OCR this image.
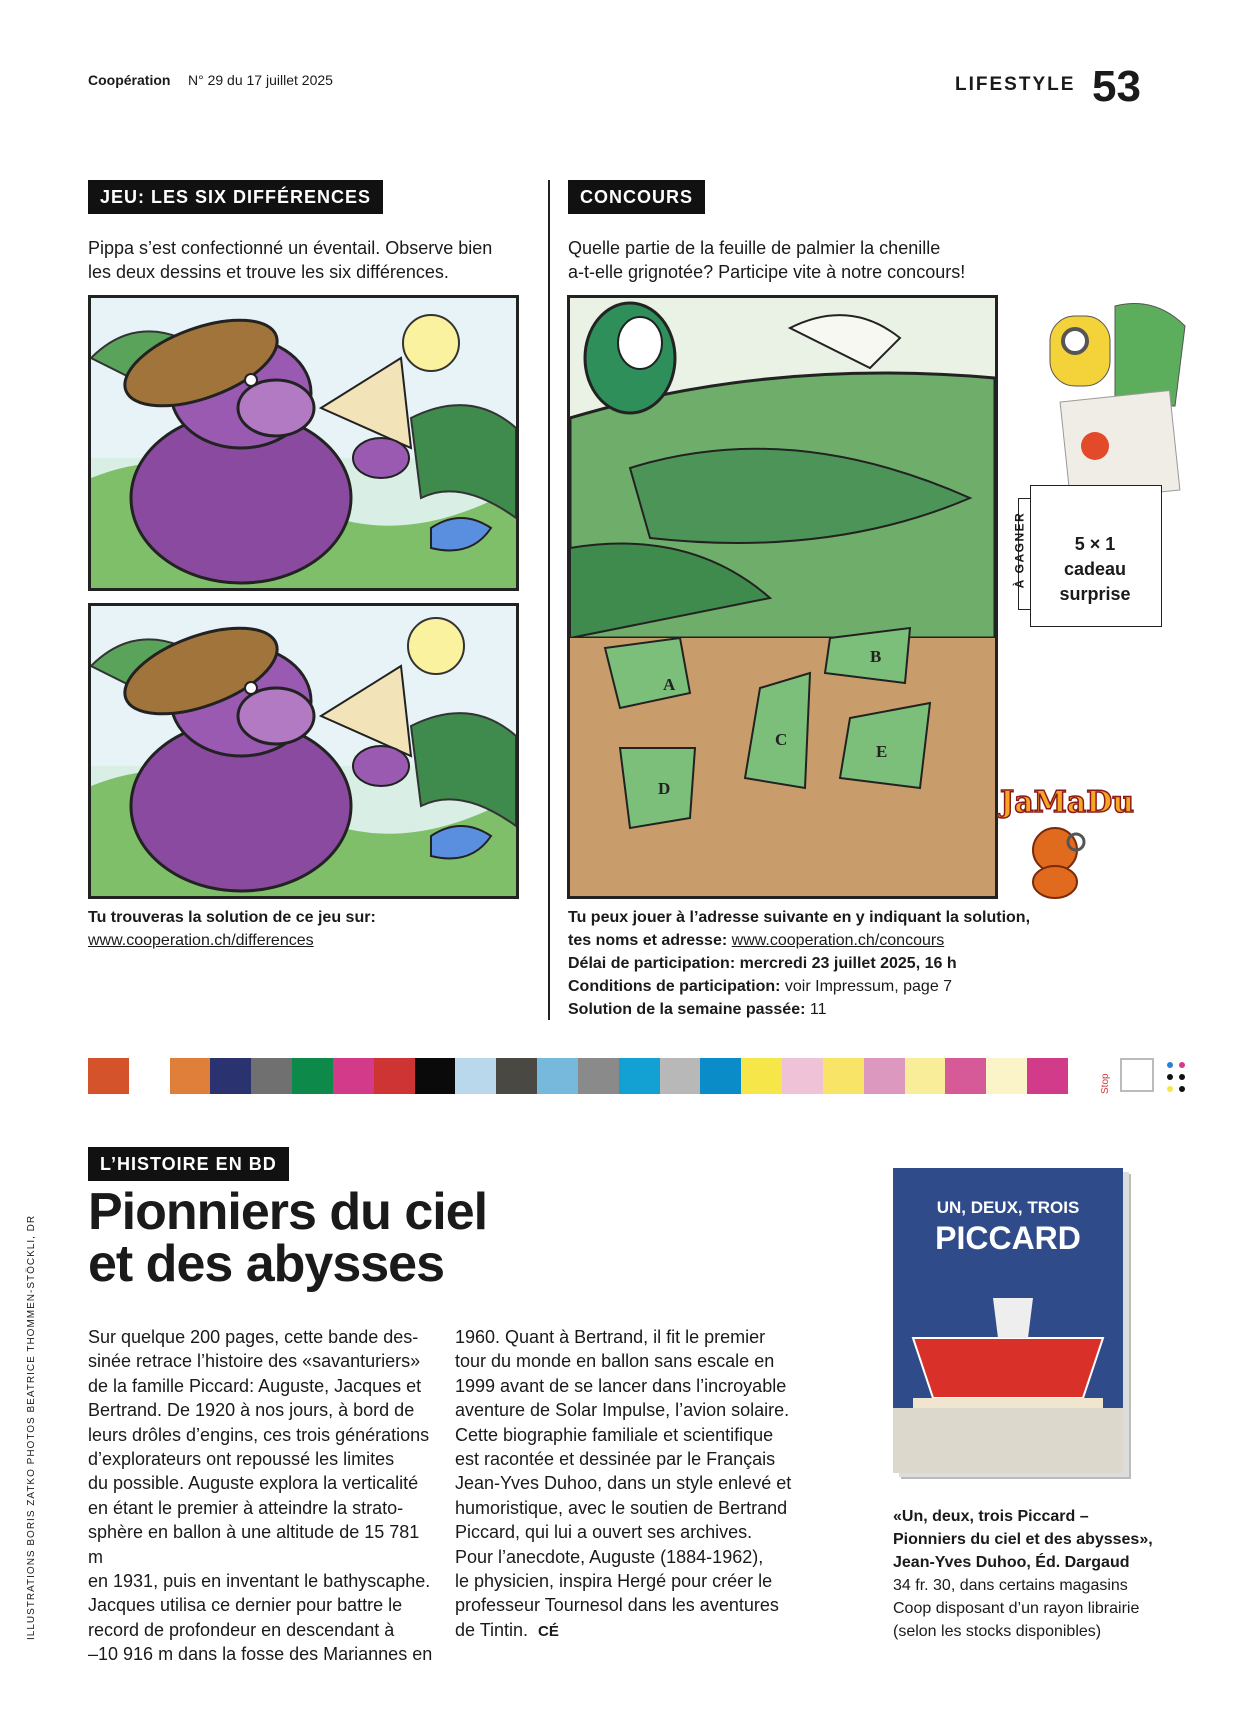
Coopération N° 29 du 17 juillet 2025	LIFESTYLE 53
JEU: LES SIX DIFFÉRENCES
Pippa s’est confectionné un éventail. Observe bien
les deux dessins et trouve les six différences.
Tu trouveras la solution de ce jeu sur:
www.cooperation.ch/differences
CONCOURS
Quelle partie de la feuille de palmier la chenille
a-t-elle grignotée? Participe vite à notre concours!
A
B
C
D
E
À GAGNER	5 × 1
cadeau
surprise
JaMaDu
Tu peux jouer à l’adresse suivante en y indiquant la solution,
tes noms et adresse: www.cooperation.ch/concours
Délai de participation: mercredi 23 juillet 2025, 16 h
Conditions de participation: voir Impressum, page 7
Solution de la semaine passée: 11
Stop
L’HISTOIRE EN BD
Pionniers du ciel
et des abysses
Sur quelque 200 pages, cette bande des-
sinée retrace l’histoire des «savanturiers»
de la famille Piccard: Auguste, Jacques et
Bertrand. De 1920 à nos jours, à bord de
leurs drôles d’engins, ces trois générations
d’explorateurs ont repoussé les limites
du possible. Auguste explora la verticalité
en étant le premier à atteindre la strato-
sphère en ballon à une altitude de 15 781 m
en 1931, puis en inventant le bathyscaphe.
Jacques utilisa ce dernier pour battre le
record de profondeur en descendant à
–10 916 m dans la fosse des Mariannes en
1960. Quant à Bertrand, il fit le premier
tour du monde en ballon sans escale en
1999 avant de se lancer dans l’incroyable
aventure de Solar Impulse, l’avion solaire.
Cette biographie familiale et scientifique
est racontée et dessinée par le Français
Jean-Yves Duhoo, dans un style enlevé et
humoristique, avec le soutien de Bertrand
Piccard, qui lui a ouvert ses archives.
Pour l’anecdote, Auguste (1884-1962),
le physicien, inspira Hergé pour créer le
professeur Tournesol dans les aventures
de Tintin. CÉ
UN, DEUX, TROIS
PICCARD
«Un, deux, trois Piccard –
Pionniers du ciel et des abysses»,
Jean-Yves Duhoo, Éd. Dargaud
34 fr. 30, dans certains magasins
Coop disposant d’un rayon librairie
(selon les stocks disponibles)
ILLUSTRATIONS BORIS ZATKO PHOTOS BEATRICE THOMMEN-STÖCKLI, DR
